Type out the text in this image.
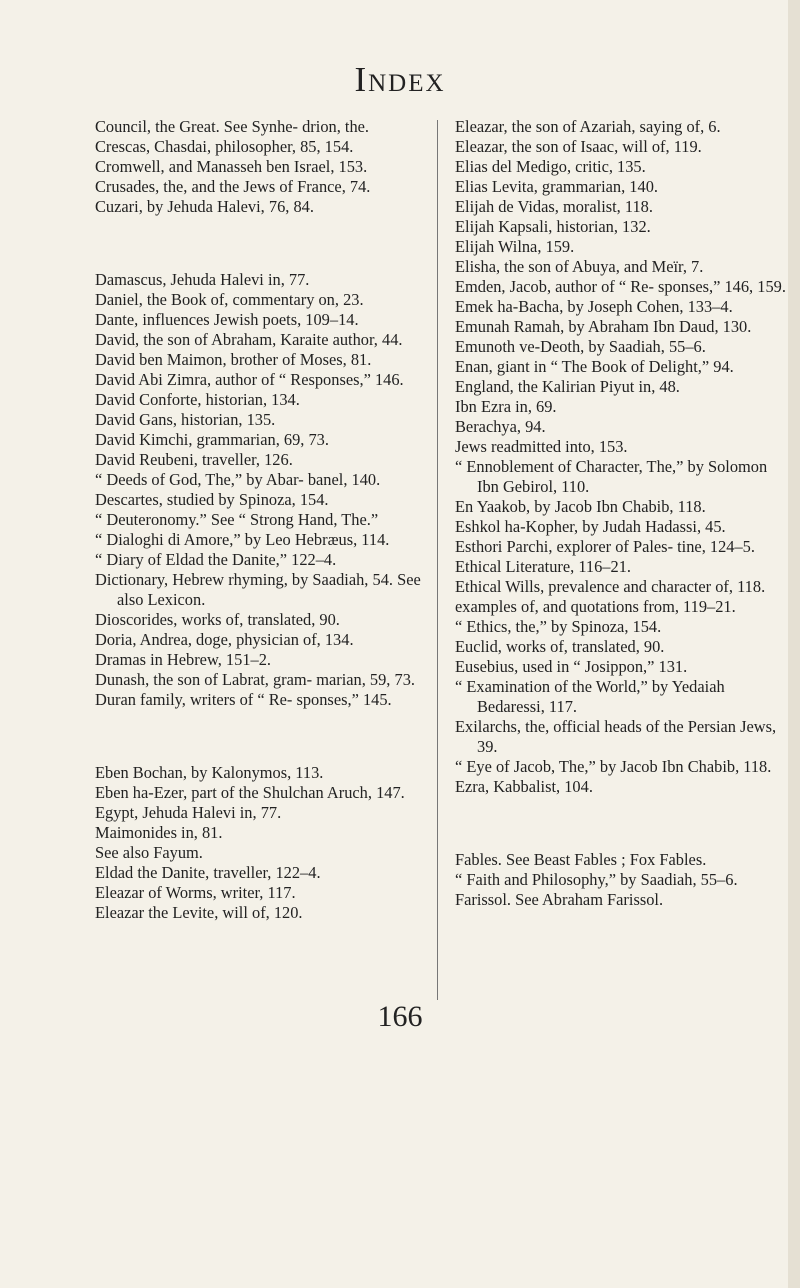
Index

Council, the Great. See Synhe- drion, the.

Crescas, Chasdai, philosopher, 85, 154.

Cromwell, and Manasseh ben Israel, 153.

Crusades, the, and the Jews of France, 74.

Cuzari, by Jehuda Halevi, 76, 84.

Damascus, Jehuda Halevi in, 77.

Daniel, the Book of, commentary on, 23.

Dante, influences Jewish poets, 109–14.

David, the son of Abraham, Karaite author, 44.

David ben Maimon, brother of Moses, 81.

David Abi Zimra, author of “ Responses,” 146.

David Conforte, historian, 134.

David Gans, historian, 135.

David Kimchi, grammarian, 69, 73.

David Reubeni, traveller, 126.

“ Deeds of God, The,” by Abar- banel, 140.

Descartes, studied by Spinoza, 154.

“ Deuteronomy.” See “ Strong Hand, The.”

“ Dialoghi di Amore,” by Leo Hebræus, 114.

“ Diary of Eldad the Danite,” 122–4.

Dictionary, Hebrew rhyming, by Saadiah, 54. See also Lexicon.

Dioscorides, works of, translated, 90.

Doria, Andrea, doge, physician of, 134.

Dramas in Hebrew, 151–2.

Dunash, the son of Labrat, gram- marian, 59, 73.

Duran family, writers of “ Re- sponses,” 145.

Eben Bochan, by Kalonymos, 113.

Eben ha-Ezer, part of the Shulchan Aruch, 147.

Egypt, Jehuda Halevi in, 77.

Maimonides in, 81.

See also Fayum.

Eldad the Danite, traveller, 122–4.

Eleazar of Worms, writer, 117.

Eleazar the Levite, will of, 120.

Eleazar, the son of Azariah, saying of, 6.

Eleazar, the son of Isaac, will of, 119.

Elias del Medigo, critic, 135.

Elias Levita, grammarian, 140.

Elijah de Vidas, moralist, 118.

Elijah Kapsali, historian, 132.

Elijah Wilna, 159.

Elisha, the son of Abuya, and Meïr, 7.

Emden, Jacob, author of “ Re- sponses,” 146, 159.

Emek ha-Bacha, by Joseph Cohen, 133–4.

Emunah Ramah, by Abraham Ibn Daud, 130.

Emunoth ve-Deoth, by Saadiah, 55–6.

Enan, giant in “ The Book of Delight,” 94.

England, the Kalirian Piyut in, 48.

Ibn Ezra in, 69.

Berachya, 94.

Jews readmitted into, 153.

“ Ennoblement of Character, The,” by Solomon Ibn Gebirol, 110.

En Yaakob, by Jacob Ibn Chabib, 118.

Eshkol ha-Kopher, by Judah Hadassi, 45.

Esthori Parchi, explorer of Pales- tine, 124–5.

Ethical Literature, 116–21.

Ethical Wills, prevalence and character of, 118.

examples of, and quotations from, 119–21.

“ Ethics, the,” by Spinoza, 154.

Euclid, works of, translated, 90.

Eusebius, used in “ Josippon,” 131.

“ Examination of the World,” by Yedaiah Bedaressi, 117.

Exilarchs, the, official heads of the Persian Jews, 39.

“ Eye of Jacob, The,” by Jacob Ibn Chabib, 118.

Ezra, Kabbalist, 104.

Fables. See Beast Fables ; Fox Fables.

“ Faith and Philosophy,” by Saadiah, 55–6.

Farissol. See Abraham Farissol.

166
